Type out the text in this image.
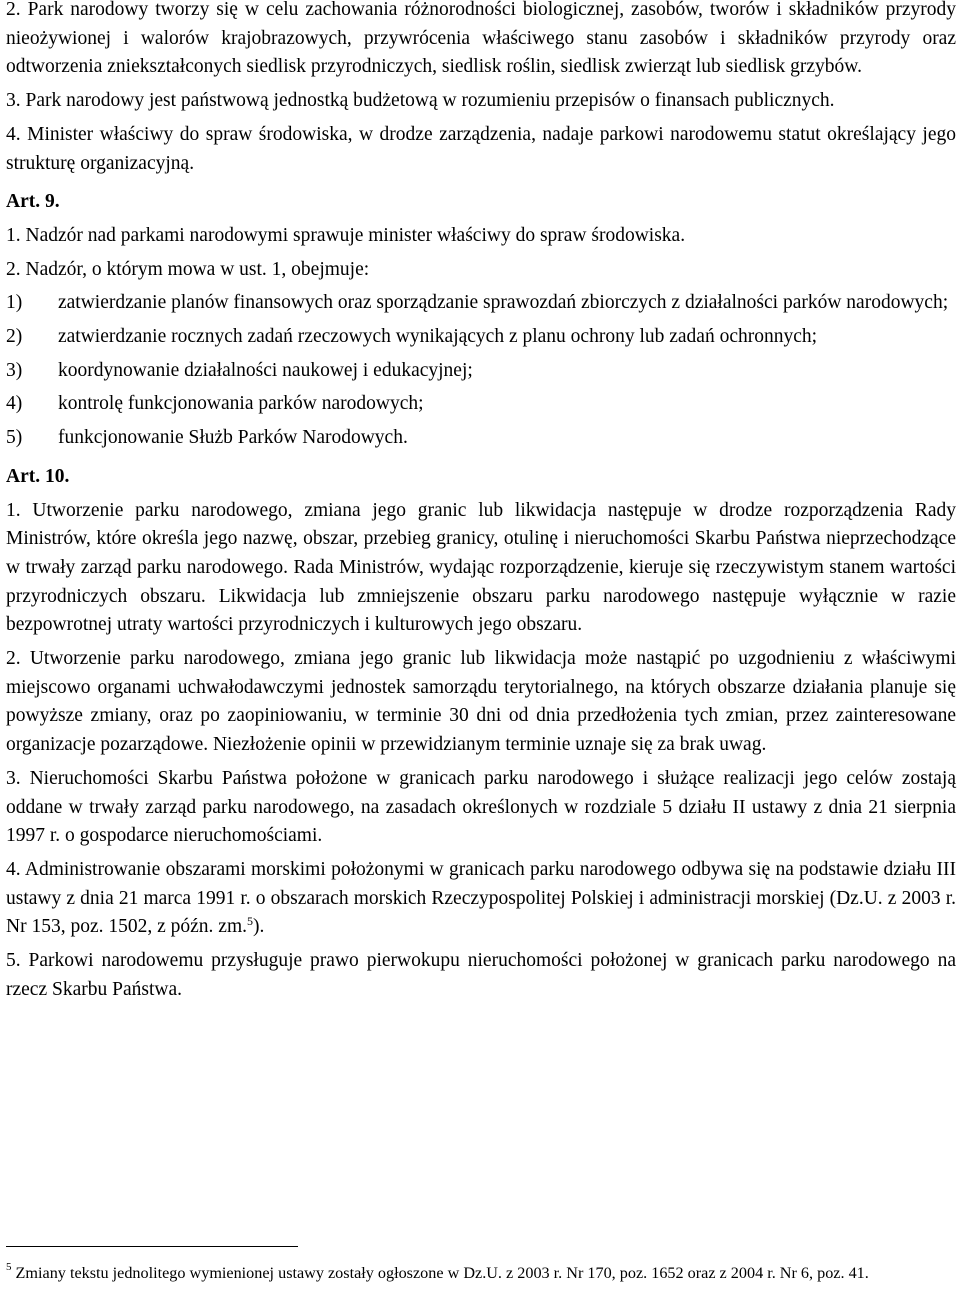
2. Park narodowy tworzy się w celu zachowania różnorodności biologicznej, zasobów, tworów i składników przyrody nieożywionej i walorów krajobrazowych, przywrócenia właściwego stanu zasobów i składników przyrody oraz odtworzenia zniekształconych siedlisk przyrodniczych, siedlisk roślin, siedlisk zwierząt lub siedlisk grzybów.

3. Park narodowy jest państwową jednostką budżetową w rozumieniu przepisów o finansach publicznych.

4. Minister właściwy do spraw środowiska, w drodze zarządzenia, nadaje parkowi narodowemu statut określający jego strukturę organizacyjną.

Art. 9.

1. Nadzór nad parkami narodowymi sprawuje minister właściwy do spraw środowiska.

2. Nadzór, o którym mowa w ust. 1, obejmuje:

1)	zatwierdzanie planów finansowych oraz sporządzanie sprawozdań zbiorczych z działalności parków narodowych;
2)	zatwierdzanie rocznych zadań rzeczowych wynikających z planu ochrony lub zadań ochronnych;
3)	koordynowanie działalności naukowej i edukacyjnej;
4)	kontrolę funkcjonowania parków narodowych;
5)	funkcjonowanie Służb Parków Narodowych.

Art. 10.

1. Utworzenie parku narodowego, zmiana jego granic lub likwidacja następuje w drodze rozporządzenia Rady Ministrów, które określa jego nazwę, obszar, przebieg granicy, otulinę i nieruchomości Skarbu Państwa nieprzechodzące w trwały zarząd parku narodowego. Rada Ministrów, wydając rozporządzenie, kieruje się rzeczywistym stanem wartości przyrodniczych obszaru. Likwidacja lub zmniejszenie obszaru parku narodowego następuje wyłącznie w razie bezpowrotnej utraty wartości przyrodniczych i kulturowych jego obszaru.

2. Utworzenie parku narodowego, zmiana jego granic lub likwidacja może nastąpić po uzgodnieniu z właściwymi miejscowo organami uchwałodawczymi jednostek samorządu terytorialnego, na których obszarze działania planuje się powyższe zmiany, oraz po zaopiniowaniu, w terminie 30 dni od dnia przedłożenia tych zmian, przez zainteresowane organizacje pozarządowe. Niezłożenie opinii w przewidzianym terminie uznaje się za brak uwag.

3. Nieruchomości Skarbu Państwa położone w granicach parku narodowego i służące realizacji jego celów zostają oddane w trwały zarząd parku narodowego, na zasadach określonych w rozdziale 5 działu II ustawy z dnia 21 sierpnia 1997 r. o gospodarce nieruchomościami.

4. Administrowanie obszarami morskimi położonymi w granicach parku narodowego odbywa się na podstawie działu III ustawy z dnia 21 marca 1991 r. o obszarach morskich Rzeczypospolitej Polskiej i administracji morskiej (Dz.U. z 2003 r. Nr 153, poz. 1502, z późn. zm.$^5$).

5. Parkowi narodowemu przysługuje prawo pierwokupu nieruchomości położonej w granicach parku narodowego na rzecz Skarbu Państwa.

$^5$ Zmiany tekstu jednolitego wymienionej ustawy zostały ogłoszone w Dz.U. z 2003 r. Nr 170, poz. 1652 oraz z 2004 r. Nr 6, poz. 41.
